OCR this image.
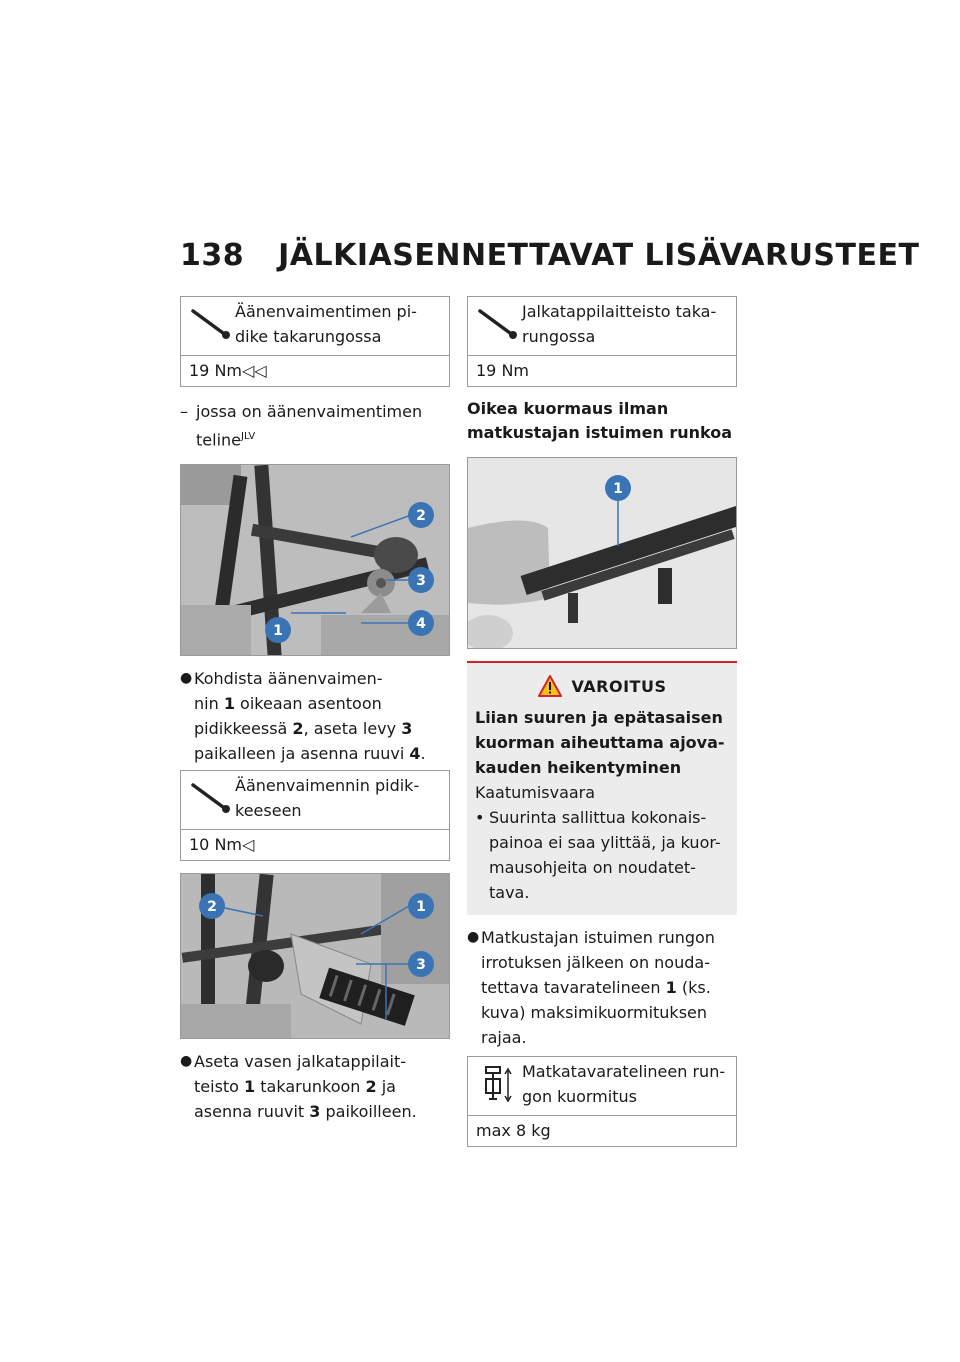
138 JÄLKIASENNETTAVAT LISÄVARUSTEET
Äänenvaimentimen pi-
dike takarungossa
19 Nm◁◁
– jossa on äänenvaimentimen
teline$^{JLV}$
2
3
1	4
● Kohdista äänenvaimen-
nin 1 oikeaan asentoon
pidikkeessä 2, aseta levy 3
paikalleen ja asenna ruuvi 4.
Äänenvaimennin pidik-
keeseen
10 Nm◁
2	1
3
● Aseta vasen jalkatappilait-
teisto 1 takarunkoon 2 ja
asenna ruuvit 3 paikoilleen.
Jalkatappilaitteisto taka-
rungossa
19 Nm
Oikea kuormaus ilman
matkustajan istuimen runkoa
1
VAROITUS
Liian suuren ja epätasaisen
kuorman aiheuttama ajova-
kauden heikentyminen
Kaatumisvaara
• Suurinta sallittua kokonais-
painoa ei saa ylittää, ja kuor-
mausohjeita on noudatet-
tava.
● Matkustajan istuimen rungon
irrotuksen jälkeen on nouda-
tettava tavaratelineen 1 (ks.
kuva) maksimikuormituksen
rajaa.
Matkatavaratelineen run-
gon kuormitus
max 8 kg
